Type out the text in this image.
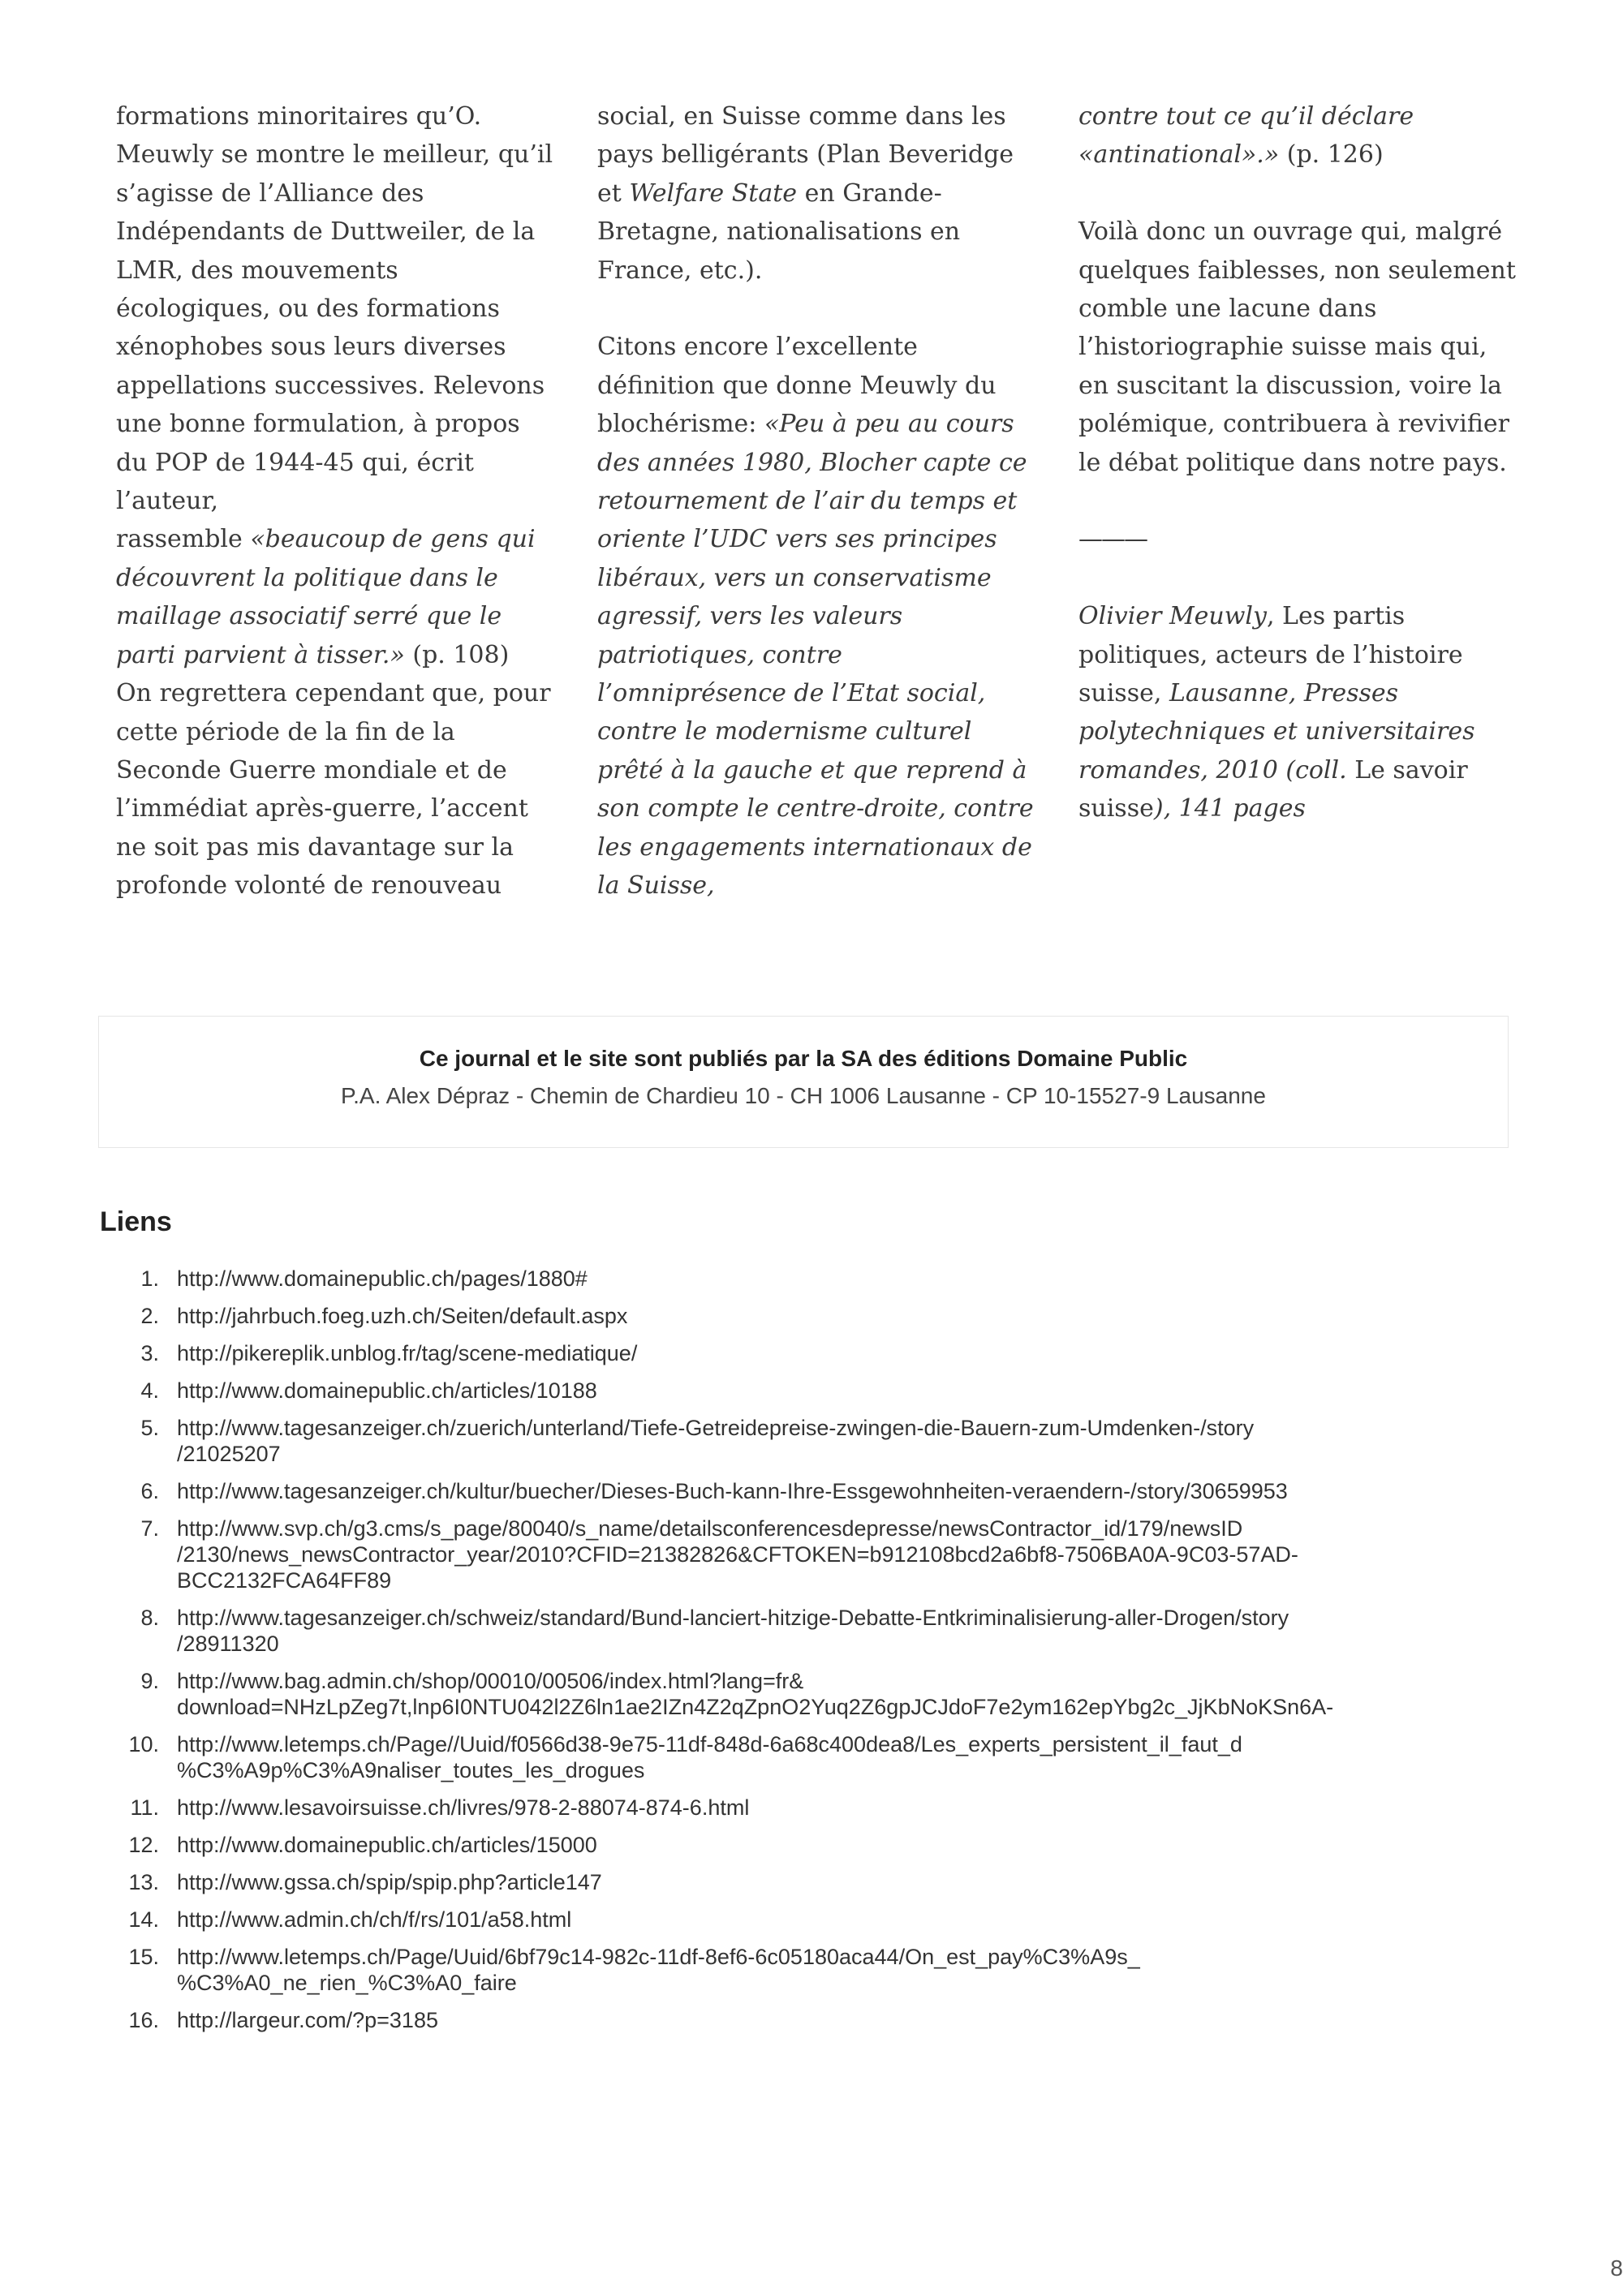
formations minoritaires qu’O. Meuwly se montre le meilleur, qu’il s’agisse de l’Alliance des Indépendants de Duttweiler, de la LMR, des mouvements écologiques, ou des formations xénophobes sous leurs diverses appellations successives. Relevons une bonne formulation, à propos du POP de 1944-45 qui, écrit l’auteur,
rassemble «beaucoup de gens qui découvrent la politique dans le maillage associatif serré que le parti parvient à tisser.» (p. 108)
On regrettera cependant que, pour cette période de la fin de la Seconde Guerre mondiale et de l’immédiat après-guerre, l’accent ne soit pas mis davantage sur la profonde volonté de renouveau

social, en Suisse comme dans les pays belligérants (Plan Beveridge et Welfare State en Grande-Bretagne, nationalisations en France, etc.).

Citons encore l’excellente définition que donne Meuwly du blochérisme: «Peu à peu au cours des années 1980, Blocher capte ce retournement de l’air du temps et oriente l’UDC vers ses principes libéraux, vers un conservatisme agressif, vers les valeurs patriotiques, contre l’omniprésence de l’Etat social, contre le modernisme culturel prêté à la gauche et que reprend à son compte le centre-droite, contre les engagements internationaux de la Suisse,

contre tout ce qu’il déclare «antinational».» (p. 126)

Voilà donc un ouvrage qui, malgré quelques faiblesses, non seulement comble une lacune dans l’historiographie suisse mais qui, en suscitant la discussion, voire la polémique, contribuera à revivifier le débat politique dans notre pays.

———

Olivier Meuwly, Les partis politiques, acteurs de l’histoire suisse, Lausanne, Presses polytechniques et universitaires romandes, 2010 (coll. Le savoir suisse), 141 pages

Ce journal et le site sont publiés par la SA des éditions Domaine Public
P.A. Alex Dépraz - Chemin de Chardieu 10 - CH 1006 Lausanne - CP 10-15527-9 Lausanne
Liens
1. http://www.domainepublic.ch/pages/1880#
2. http://jahrbuch.foeg.uzh.ch/Seiten/default.aspx
3. http://pikereplik.unblog.fr/tag/scene-mediatique/
4. http://www.domainepublic.ch/articles/10188
5. http://www.tagesanzeiger.ch/zuerich/unterland/Tiefe-Getreidepreise-zwingen-die-Bauern-zum-Umdenken-/story
/21025207
6. http://www.tagesanzeiger.ch/kultur/buecher/Dieses-Buch-kann-Ihre-Essgewohnheiten-veraendern-/story/30659953
7. http://www.svp.ch/g3.cms/s_page/80040/s_name/detailsconferencesdepresse/newsContractor_id/179/newsID
/2130/news_newsContractor_year/2010?CFID=21382826&CFTOKEN=b912108bcd2a6bf8-7506BA0A-9C03-57AD-
BCC2132FCA64FF89
8. http://www.tagesanzeiger.ch/schweiz/standard/Bund-lanciert-hitzige-Debatte-Entkriminalisierung-aller-Drogen/story
/28911320
9. http://www.bag.admin.ch/shop/00010/00506/index.html?lang=fr&
download=NHzLpZeg7t,lnp6I0NTU042l2Z6ln1ae2IZn4Z2qZpnO2Yuq2Z6gpJCJdoF7e2ym162epYbg2c_JjKbNoKSn6A-
10. http://www.letemps.ch/Page//Uuid/f0566d38-9e75-11df-848d-6a68c400dea8/Les_experts_persistent_il_faut_d
%C3%A9p%C3%A9naliser_toutes_les_drogues
11. http://www.lesavoirsuisse.ch/livres/978-2-88074-874-6.html
12. http://www.domainepublic.ch/articles/15000
13. http://www.gssa.ch/spip/spip.php?article147
14. http://www.admin.ch/ch/f/rs/101/a58.html
15. http://www.letemps.ch/Page/Uuid/6bf79c14-982c-11df-8ef6-6c05180aca44/On_est_pay%C3%A9s_
%C3%A0_ne_rien_%C3%A0_faire
16. http://largeur.com/?p=3185
8
